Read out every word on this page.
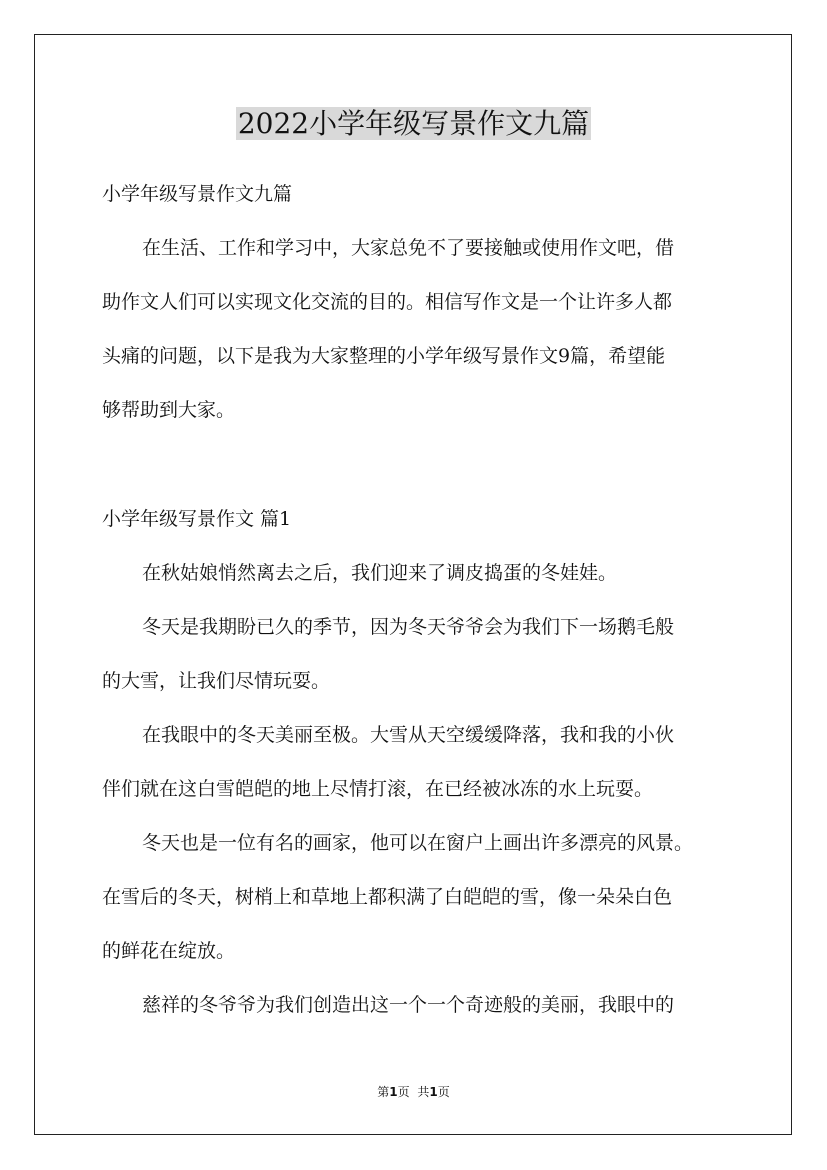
2022小学年级写景作文九篇
小学年级写景作文九篇
在生活、工作和学习中，大家总免不了要接触或使用作文吧，借
助作文人们可以实现文化交流的目的。相信写作文是一个让许多人都
头痛的问题，以下是我为大家整理的小学年级写景作文9篇，希望能
够帮助到大家。
小学年级写景作文 篇1
在秋姑娘悄然离去之后，我们迎来了调皮捣蛋的冬娃娃。
冬天是我期盼已久的季节，因为冬天爷爷会为我们下一场鹅毛般
的大雪，让我们尽情玩耍。
在我眼中的冬天美丽至极。大雪从天空缓缓降落，我和我的小伙
伴们就在这白雪皑皑的地上尽情打滚，在已经被冰冻的水上玩耍。
冬天也是一位有名的画家，他可以在窗户上画出许多漂亮的风景。
在雪后的冬天，树梢上和草地上都积满了白皑皑的雪，像一朵朵白色
的鲜花在绽放。
慈祥的冬爷爷为我们创造出这一个一个奇迹般的美丽，我眼中的
第1页 共1页
